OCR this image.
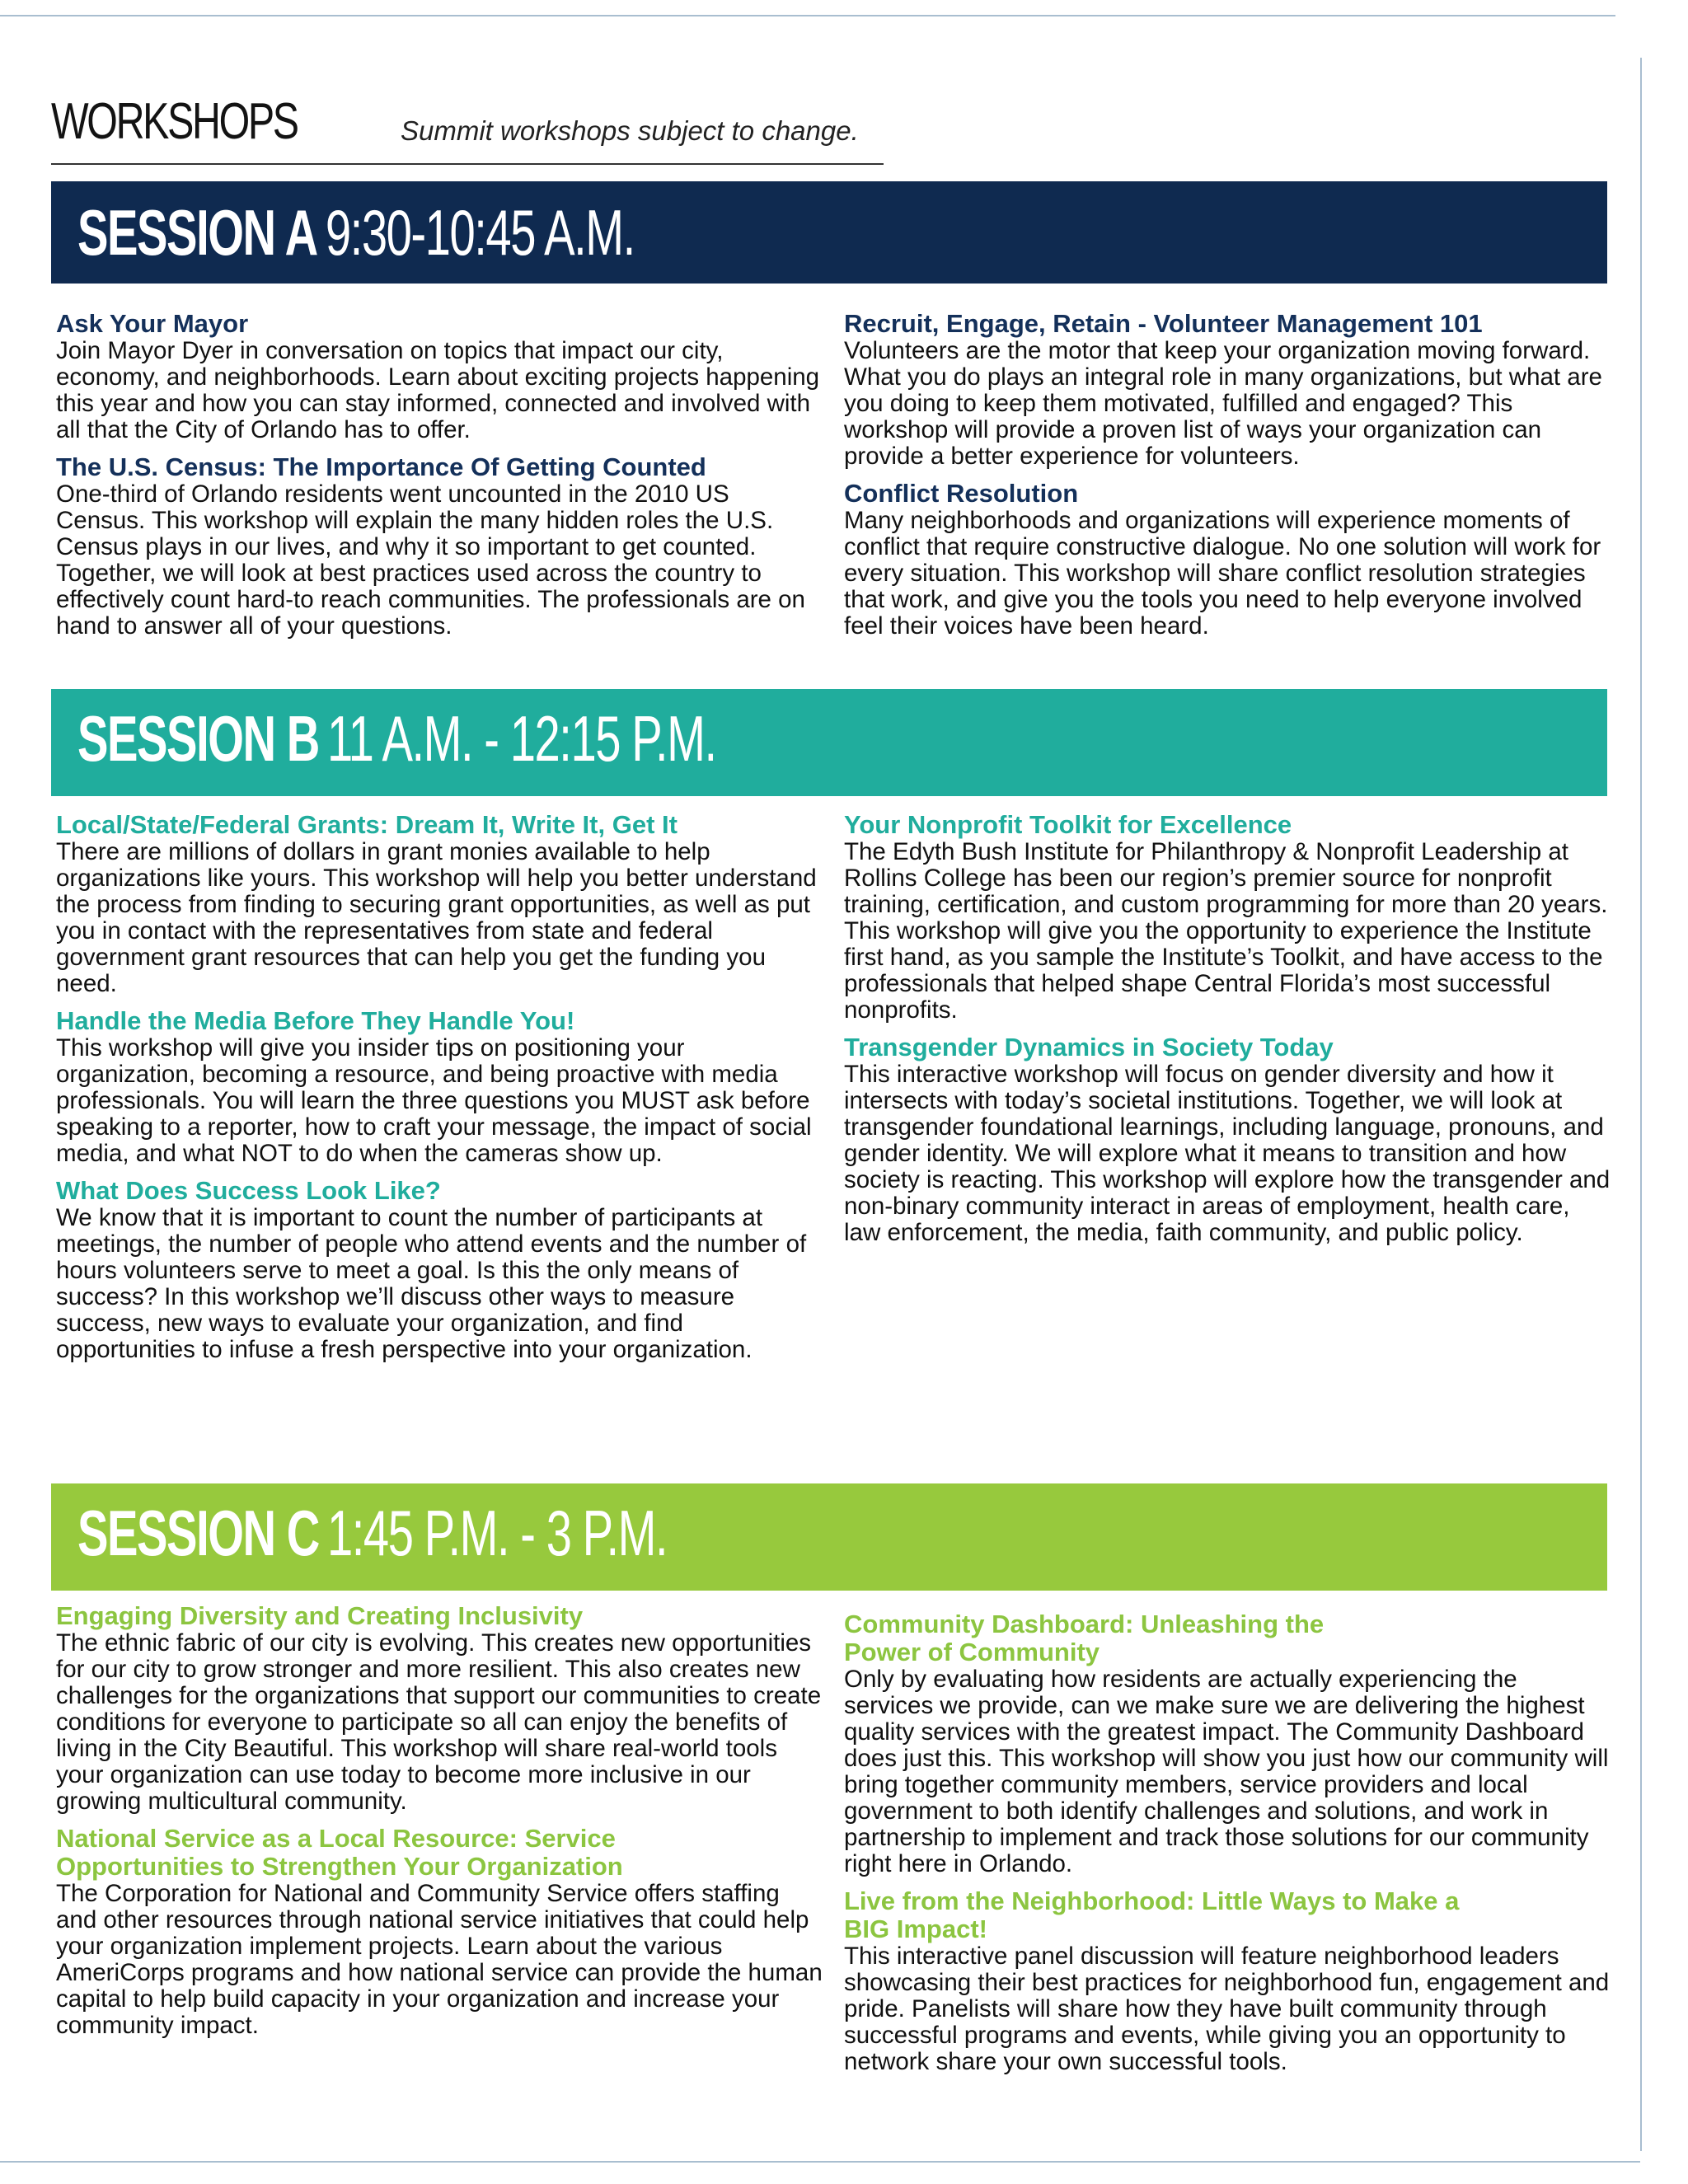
WORKSHOPS	Summit workshops subject to change.
SESSION A 9:30-10:45 A.M.
Ask Your Mayor

Join Mayor Dyer in conversation on topics that impact our city, economy, and neighborhoods. Learn about exciting projects happening this year and how you can stay informed, connected and involved with all that the City of Orlando has to offer.

The U.S. Census: The Importance Of Getting Counted

One-third of Orlando residents went uncounted in the 2010 US Census. This workshop will explain the many hidden roles the U.S. Census plays in our lives, and why it so important to get counted. Together, we will look at best practices used across the country to effectively count hard-to reach communities. The professionals are on hand to answer all of your questions.

Recruit, Engage, Retain - Volunteer Management 101

Volunteers are the motor that keep your organization moving forward. What you do plays an integral role in many organizations, but what are you doing to keep them motivated, fulfilled and engaged? This workshop will provide a proven list of ways your organization can provide a better experience for volunteers.

Conflict Resolution

Many neighborhoods and organizations will experience moments of conflict that require constructive dialogue. No one solution will work for every situation. This workshop will share conflict resolution strategies that work, and give you the tools you need to help everyone involved feel their voices have been heard.

SESSION B 11 A.M. - 12:15 P.M.
Local/State/Federal Grants: Dream It, Write It, Get It

There are millions of dollars in grant monies available to help organizations like yours. This workshop will help you better understand the process from finding to securing grant opportunities, as well as put you in contact with the representatives from state and federal government grant resources that can help you get the funding you need.

Handle the Media Before They Handle You!

This workshop will give you insider tips on positioning your organization, becoming a resource, and being proactive with media professionals. You will learn the three questions you MUST ask before speaking to a reporter, how to craft your message, the impact of social media, and what NOT to do when the cameras show up.

What Does Success Look Like?

We know that it is important to count the number of participants at meetings, the number of people who attend events and the number of hours volunteers serve to meet a goal. Is this the only means of success? In this workshop we’ll discuss other ways to measure success, new ways to evaluate your organization, and find opportunities to infuse a fresh perspective into your organization.

Your Nonprofit Toolkit for Excellence

The Edyth Bush Institute for Philanthropy & Nonprofit Leadership at Rollins College has been our region’s premier source for nonprofit training, certification, and custom programming for more than 20 years. This workshop will give you the opportunity to experience the Institute first hand, as you sample the Institute’s Toolkit, and have access to the professionals that helped shape Central Florida’s most successful nonprofits.

Transgender Dynamics in Society Today

This interactive workshop will focus on gender diversity and how it intersects with today’s societal institutions. Together, we will look at transgender foundational learnings, including language, pronouns, and gender identity. We will explore what it means to transition and how society is reacting. This workshop will explore how the transgender and non-binary community interact in areas of employment, health care, law enforcement, the media, faith community, and public policy.

SESSION C 1:45 P.M. - 3 P.M.
Engaging Diversity and Creating Inclusivity

The ethnic fabric of our city is evolving. This creates new opportunities for our city to grow stronger and more resilient. This also creates new challenges for the organizations that support our communities to create conditions for everyone to participate so all can enjoy the benefits of living in the City Beautiful. This workshop will share real-world tools your organization can use today to become more inclusive in our growing multicultural community.

National Service as a Local Resource: Service Opportunities to Strengthen Your Organization

The Corporation for National and Community Service offers staffing and other resources through national service initiatives that could help your organization implement projects. Learn about the various AmeriCorps programs and how national service can provide the human capital to help build capacity in your organization and increase your community impact.

Community Dashboard: Unleashing the Power of Community

Only by evaluating how residents are actually experiencing the services we provide, can we make sure we are delivering the highest quality services with the greatest impact. The Community Dashboard does just this. This workshop will show you just how our community will bring together community members, service providers and local government to both identify challenges and solutions, and work in partnership to implement and track those solutions for our community right here in Orlando.

Live from the Neighborhood: Little Ways to Make a BIG Impact!

This interactive panel discussion will feature neighborhood leaders showcasing their best practices for neighborhood fun, engagement and pride. Panelists will share how they have built community through successful programs and events, while giving you an opportunity to network share your own successful tools.
